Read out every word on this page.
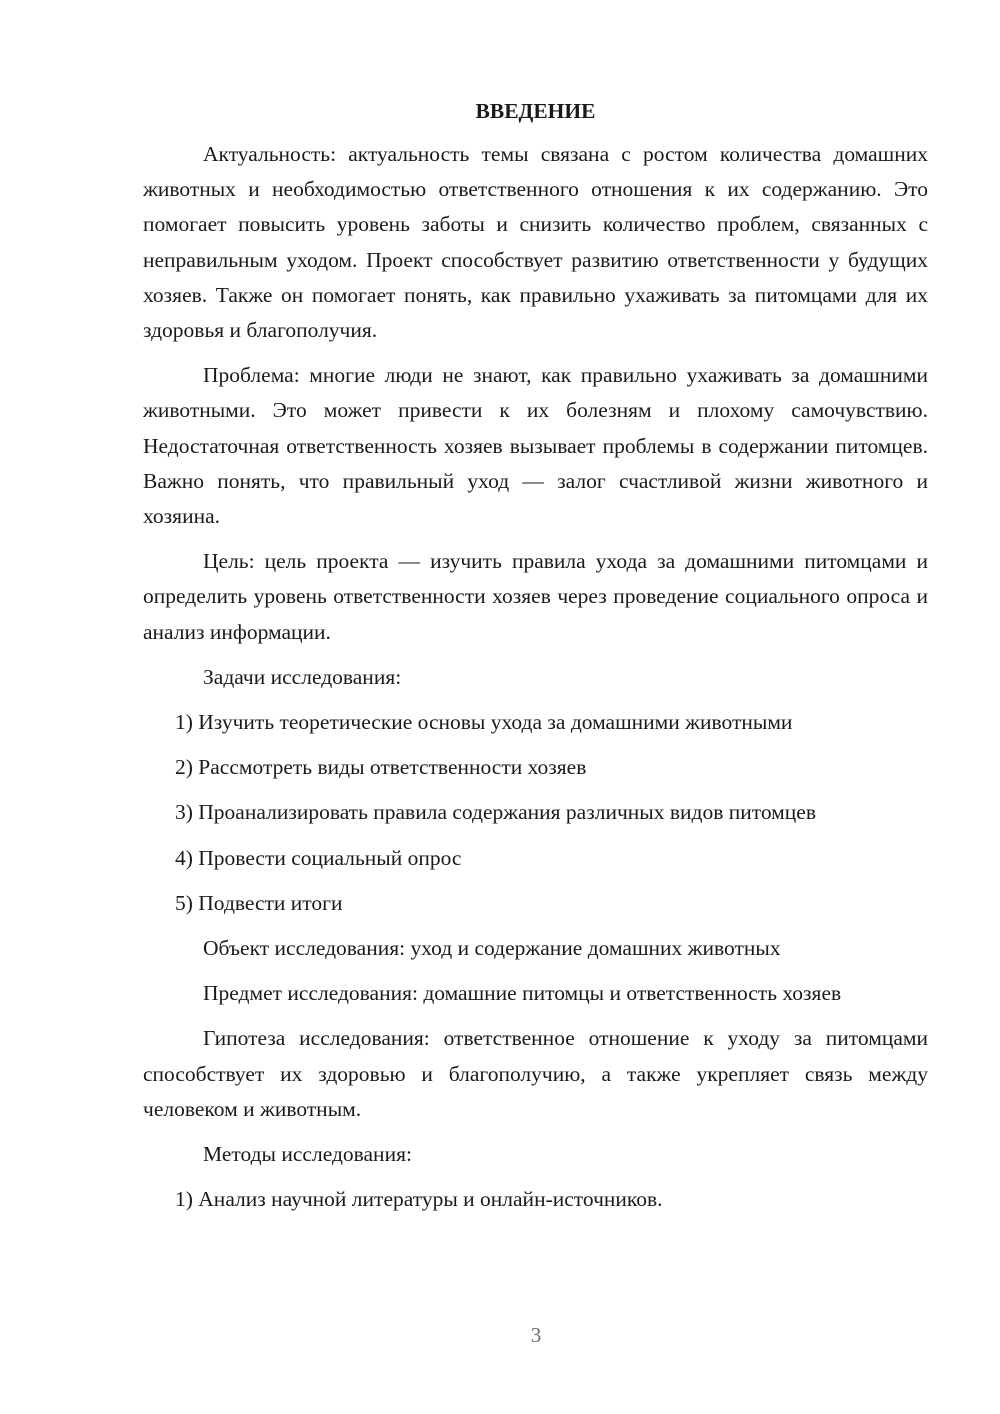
ВВЕДЕНИЕ

Актуальность: актуальность темы связана с ростом количества домашних животных и необходимостью ответственного отношения к их содержанию. Это помогает повысить уровень заботы и снизить количество проблем, связанных с неправильным уходом. Проект способствует развитию ответственности у будущих хозяев. Также он помогает понять, как правильно ухаживать за питомцами для их здоровья и благополучия.

Проблема: многие люди не знают, как правильно ухаживать за домашними животными. Это может привести к их болезням и плохому самочувствию. Недостаточная ответственность хозяев вызывает проблемы в содержании питомцев. Важно понять, что правильный уход — залог счастливой жизни животного и хозяина.

Цель: цель проекта — изучить правила ухода за домашними питомцами и определить уровень ответственности хозяев через проведение социального опроса и анализ информации.

Задачи исследования:
1) Изучить теоретические основы ухода за домашними животными
2) Рассмотреть виды ответственности хозяев
3) Проанализировать правила содержания различных видов питомцев
4) Провести социальный опрос
5) Подвести итоги
Объект исследования: уход и содержание домашних животных

Предмет исследования: домашние питомцы и ответственность хозяев

Гипотеза исследования: ответственное отношение к уходу за питомцами способствует их здоровью и благополучию, а также укрепляет связь между человеком и животным.

Методы исследования:
1) Анализ научной литературы и онлайн-источников.
3
